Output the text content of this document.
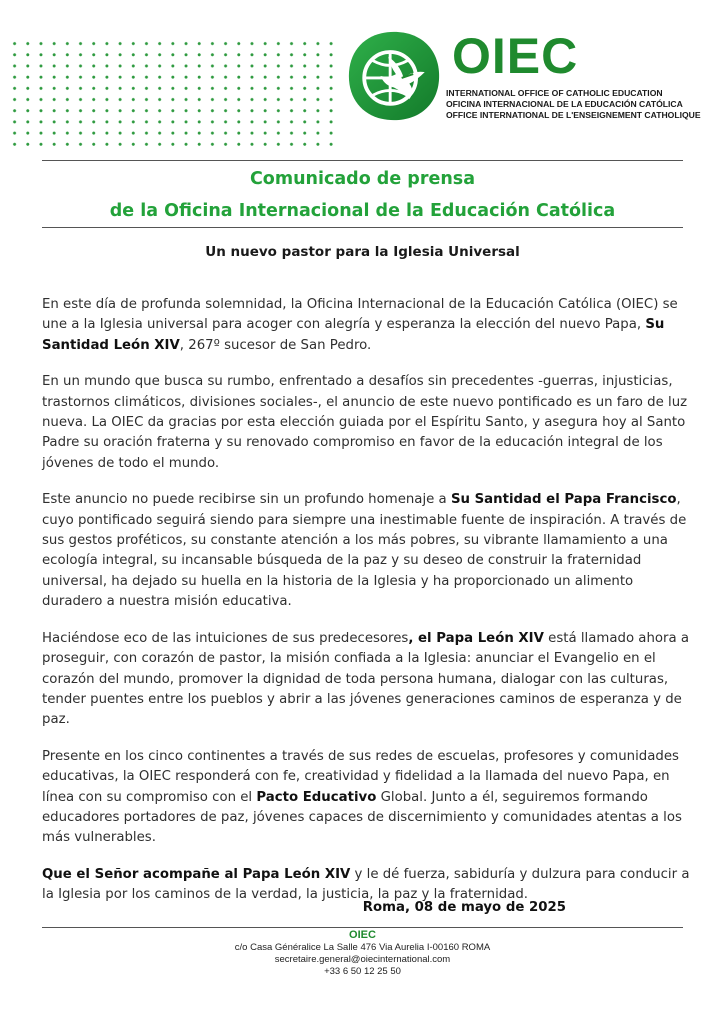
OIEC
INTERNATIONAL OFFICE OF CATHOLIC EDUCATION
OFICINA INTERNACIONAL DE LA EDUCACIÓN CATÓLICA
OFFICE INTERNATIONAL DE L'ENSEIGNEMENT CATHOLIQUE
Comunicado de prensa
de la Oficina Internacional de la Educación Católica
Un nuevo pastor para la Iglesia Universal

En este día de profunda solemnidad, la Oficina Internacional de la Educación Católica (OIEC) se une a la Iglesia universal para acoger con alegría y esperanza la elección del nuevo Papa, Su Santidad León XIV, 267º sucesor de San Pedro.

En un mundo que busca su rumbo, enfrentado a desafíos sin precedentes -guerras, injusticias, trastornos climáticos, divisiones sociales-, el anuncio de este nuevo pontificado es un faro de luz nueva. La OIEC da gracias por esta elección guiada por el Espíritu Santo, y asegura hoy al Santo Padre su oración fraterna y su renovado compromiso en favor de la educación integral de los jóvenes de todo el mundo.

Este anuncio no puede recibirse sin un profundo homenaje a Su Santidad el Papa Francisco, cuyo pontificado seguirá siendo para siempre una inestimable fuente de inspiración. A través de sus gestos proféticos, su constante atención a los más pobres, su vibrante llamamiento a una ecología integral, su incansable búsqueda de la paz y su deseo de construir la fraternidad universal, ha dejado su huella en la historia de la Iglesia y ha proporcionado un alimento duradero a nuestra misión educativa.

Haciéndose eco de las intuiciones de sus predecesores, el Papa León XIV está llamado ahora a proseguir, con corazón de pastor, la misión confiada a la Iglesia: anunciar el Evangelio en el corazón del mundo, promover la dignidad de toda persona humana, dialogar con las culturas, tender puentes entre los pueblos y abrir a las jóvenes generaciones caminos de esperanza y de paz.

Presente en los cinco continentes a través de sus redes de escuelas, profesores y comunidades educativas, la OIEC responderá con fe, creatividad y fidelidad a la llamada del nuevo Papa, en línea con su compromiso con el Pacto Educativo Global. Junto a él, seguiremos formando educadores portadores de paz, jóvenes capaces de discernimiento y comunidades atentas a los más vulnerables.

Que el Señor acompañe al Papa León XIV y le dé fuerza, sabiduría y dulzura para conducir a la Iglesia por los caminos de la verdad, la justicia, la paz y la fraternidad.

Roma, 08 de mayo de 2025
OIEC
c/o Casa Généralice La Salle 476 Via Aurelia I-00160 ROMA
secretaire.general@oiecinternational.com
+33 6 50 12 25 50
